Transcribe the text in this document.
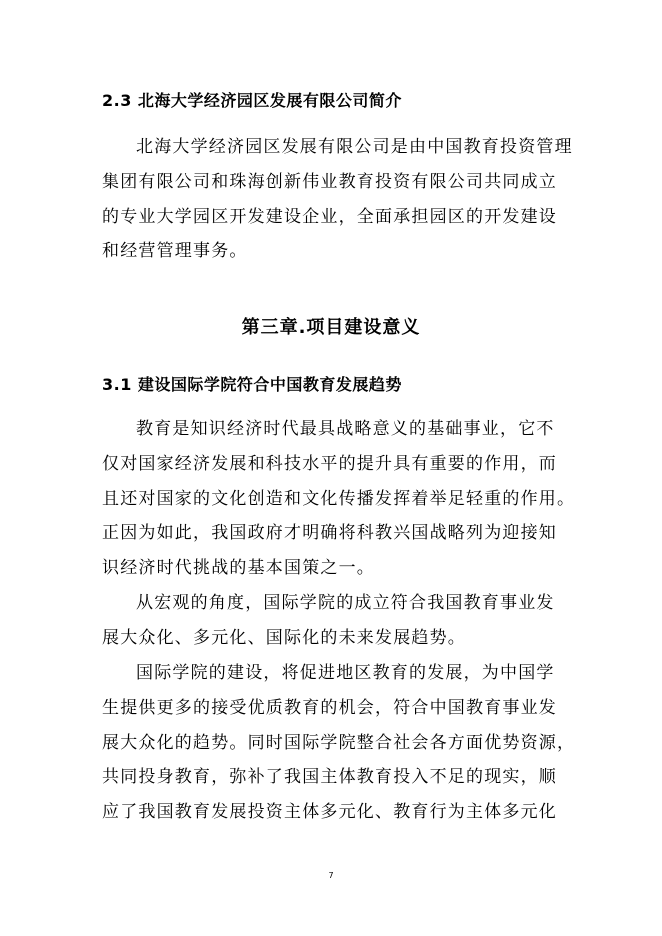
2.3 北海大学经济园区发展有限公司简介
北海大学经济园区发展有限公司是由中国教育投资管理
集团有限公司和珠海创新伟业教育投资有限公司共同成立
的专业大学园区开发建设企业，全面承担园区的开发建设
和经营管理事务。
第三章.项目建设意义
3.1 建设国际学院符合中国教育发展趋势
教育是知识经济时代最具战略意义的基础事业，它不
仅对国家经济发展和科技水平的提升具有重要的作用，而
且还对国家的文化创造和文化传播发挥着举足轻重的作用。
正因为如此，我国政府才明确将科教兴国战略列为迎接知
识经济时代挑战的基本国策之一。
从宏观的角度，国际学院的成立符合我国教育事业发
展大众化、多元化、国际化的未来发展趋势。
国际学院的建设，将促进地区教育的发展，为中国学
生提供更多的接受优质教育的机会，符合中国教育事业发
展大众化的趋势。同时国际学院整合社会各方面优势资源，
共同投身教育，弥补了我国主体教育投入不足的现实，顺
应了我国教育发展投资主体多元化、教育行为主体多元化
7
